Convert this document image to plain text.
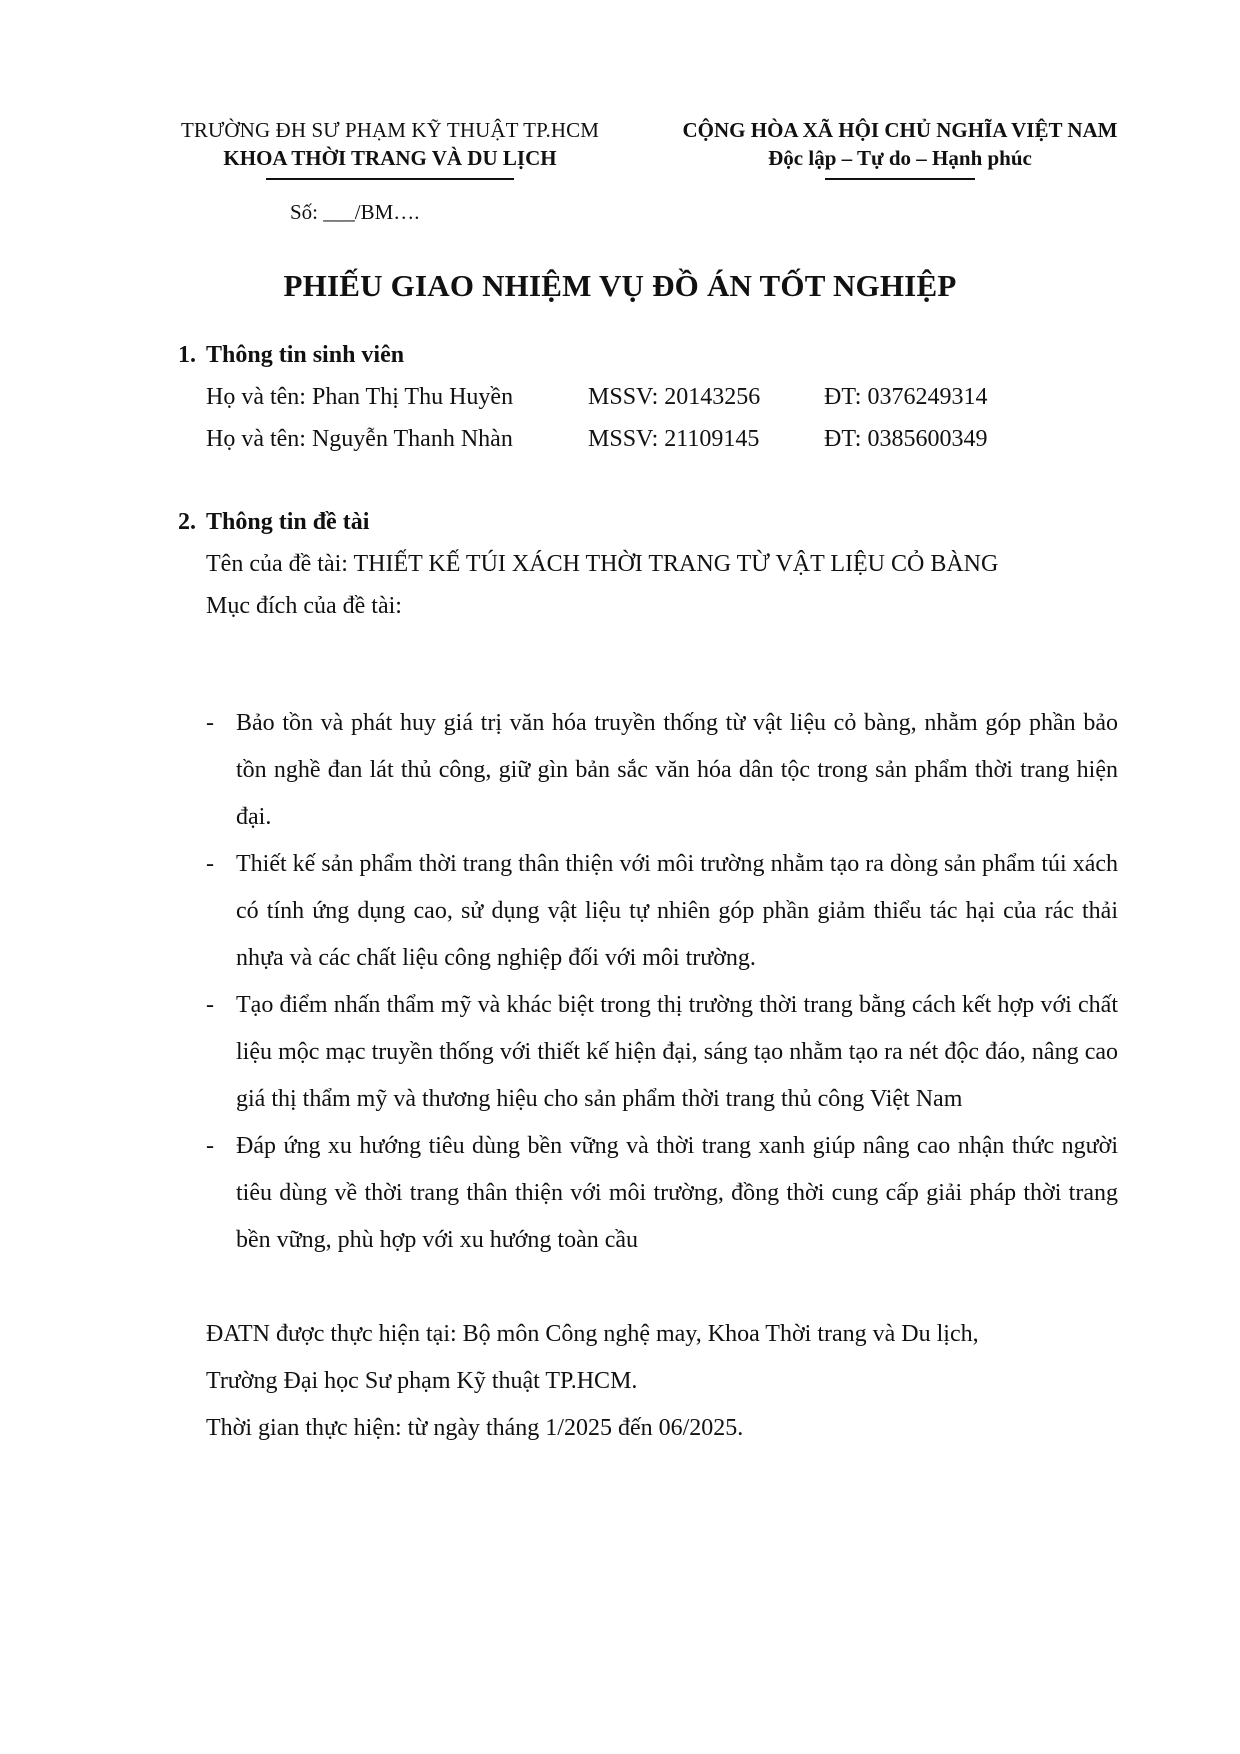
TRƯỜNG ĐH SƯ PHẠM KỸ THUẬT TP.HCM
KHOA THỜI TRANG VÀ DU LỊCH
CỘNG HÒA XÃ HỘI CHỦ NGHĨA VIỆT NAM
Độc lập – Tự do – Hạnh phúc
Số: ___/BM….
PHIẾU GIAO NHIỆM VỤ ĐỒ ÁN TỐT NGHIỆP
1. Thông tin sinh viên
Họ và tên: Phan Thị Thu Huyền	MSSV: 20143256	ĐT: 0376249314
Họ và tên: Nguyễn Thanh Nhàn	MSSV: 21109145	ĐT: 0385600349
2. Thông tin đề tài
Tên của đề tài: THIẾT KẾ TÚI XÁCH THỜI TRANG TỪ VẬT LIỆU CỎ BÀNG
Mục đích của đề tài:
- Bảo tồn và phát huy giá trị văn hóa truyền thống từ vật liệu cỏ bàng, nhằm góp phần bảo tồn nghề đan lát thủ công, giữ gìn bản sắc văn hóa dân tộc trong sản phẩm thời trang hiện đại.
- Thiết kế sản phẩm thời trang thân thiện với môi trường nhằm tạo ra dòng sản phẩm túi xách có tính ứng dụng cao, sử dụng vật liệu tự nhiên góp phần giảm thiểu tác hại của rác thải nhựa và các chất liệu công nghiệp đối với môi trường.
- Tạo điểm nhấn thẩm mỹ và khác biệt trong thị trường thời trang bằng cách kết hợp với chất liệu mộc mạc truyền thống với thiết kế hiện đại, sáng tạo nhằm tạo ra nét độc đáo, nâng cao giá thị thẩm mỹ và thương hiệu cho sản phẩm thời trang thủ công Việt Nam
- Đáp ứng xu hướng tiêu dùng bền vững và thời trang xanh giúp nâng cao nhận thức người tiêu dùng về thời trang thân thiện với môi trường, đồng thời cung cấp giải pháp thời trang bền vững, phù hợp với xu hướng toàn cầu
ĐATN được thực hiện tại: Bộ môn Công nghệ may, Khoa Thời trang và Du lịch,
Trường Đại học Sư phạm Kỹ thuật TP.HCM.
Thời gian thực hiện: từ ngày tháng 1/2025 đến 06/2025.
